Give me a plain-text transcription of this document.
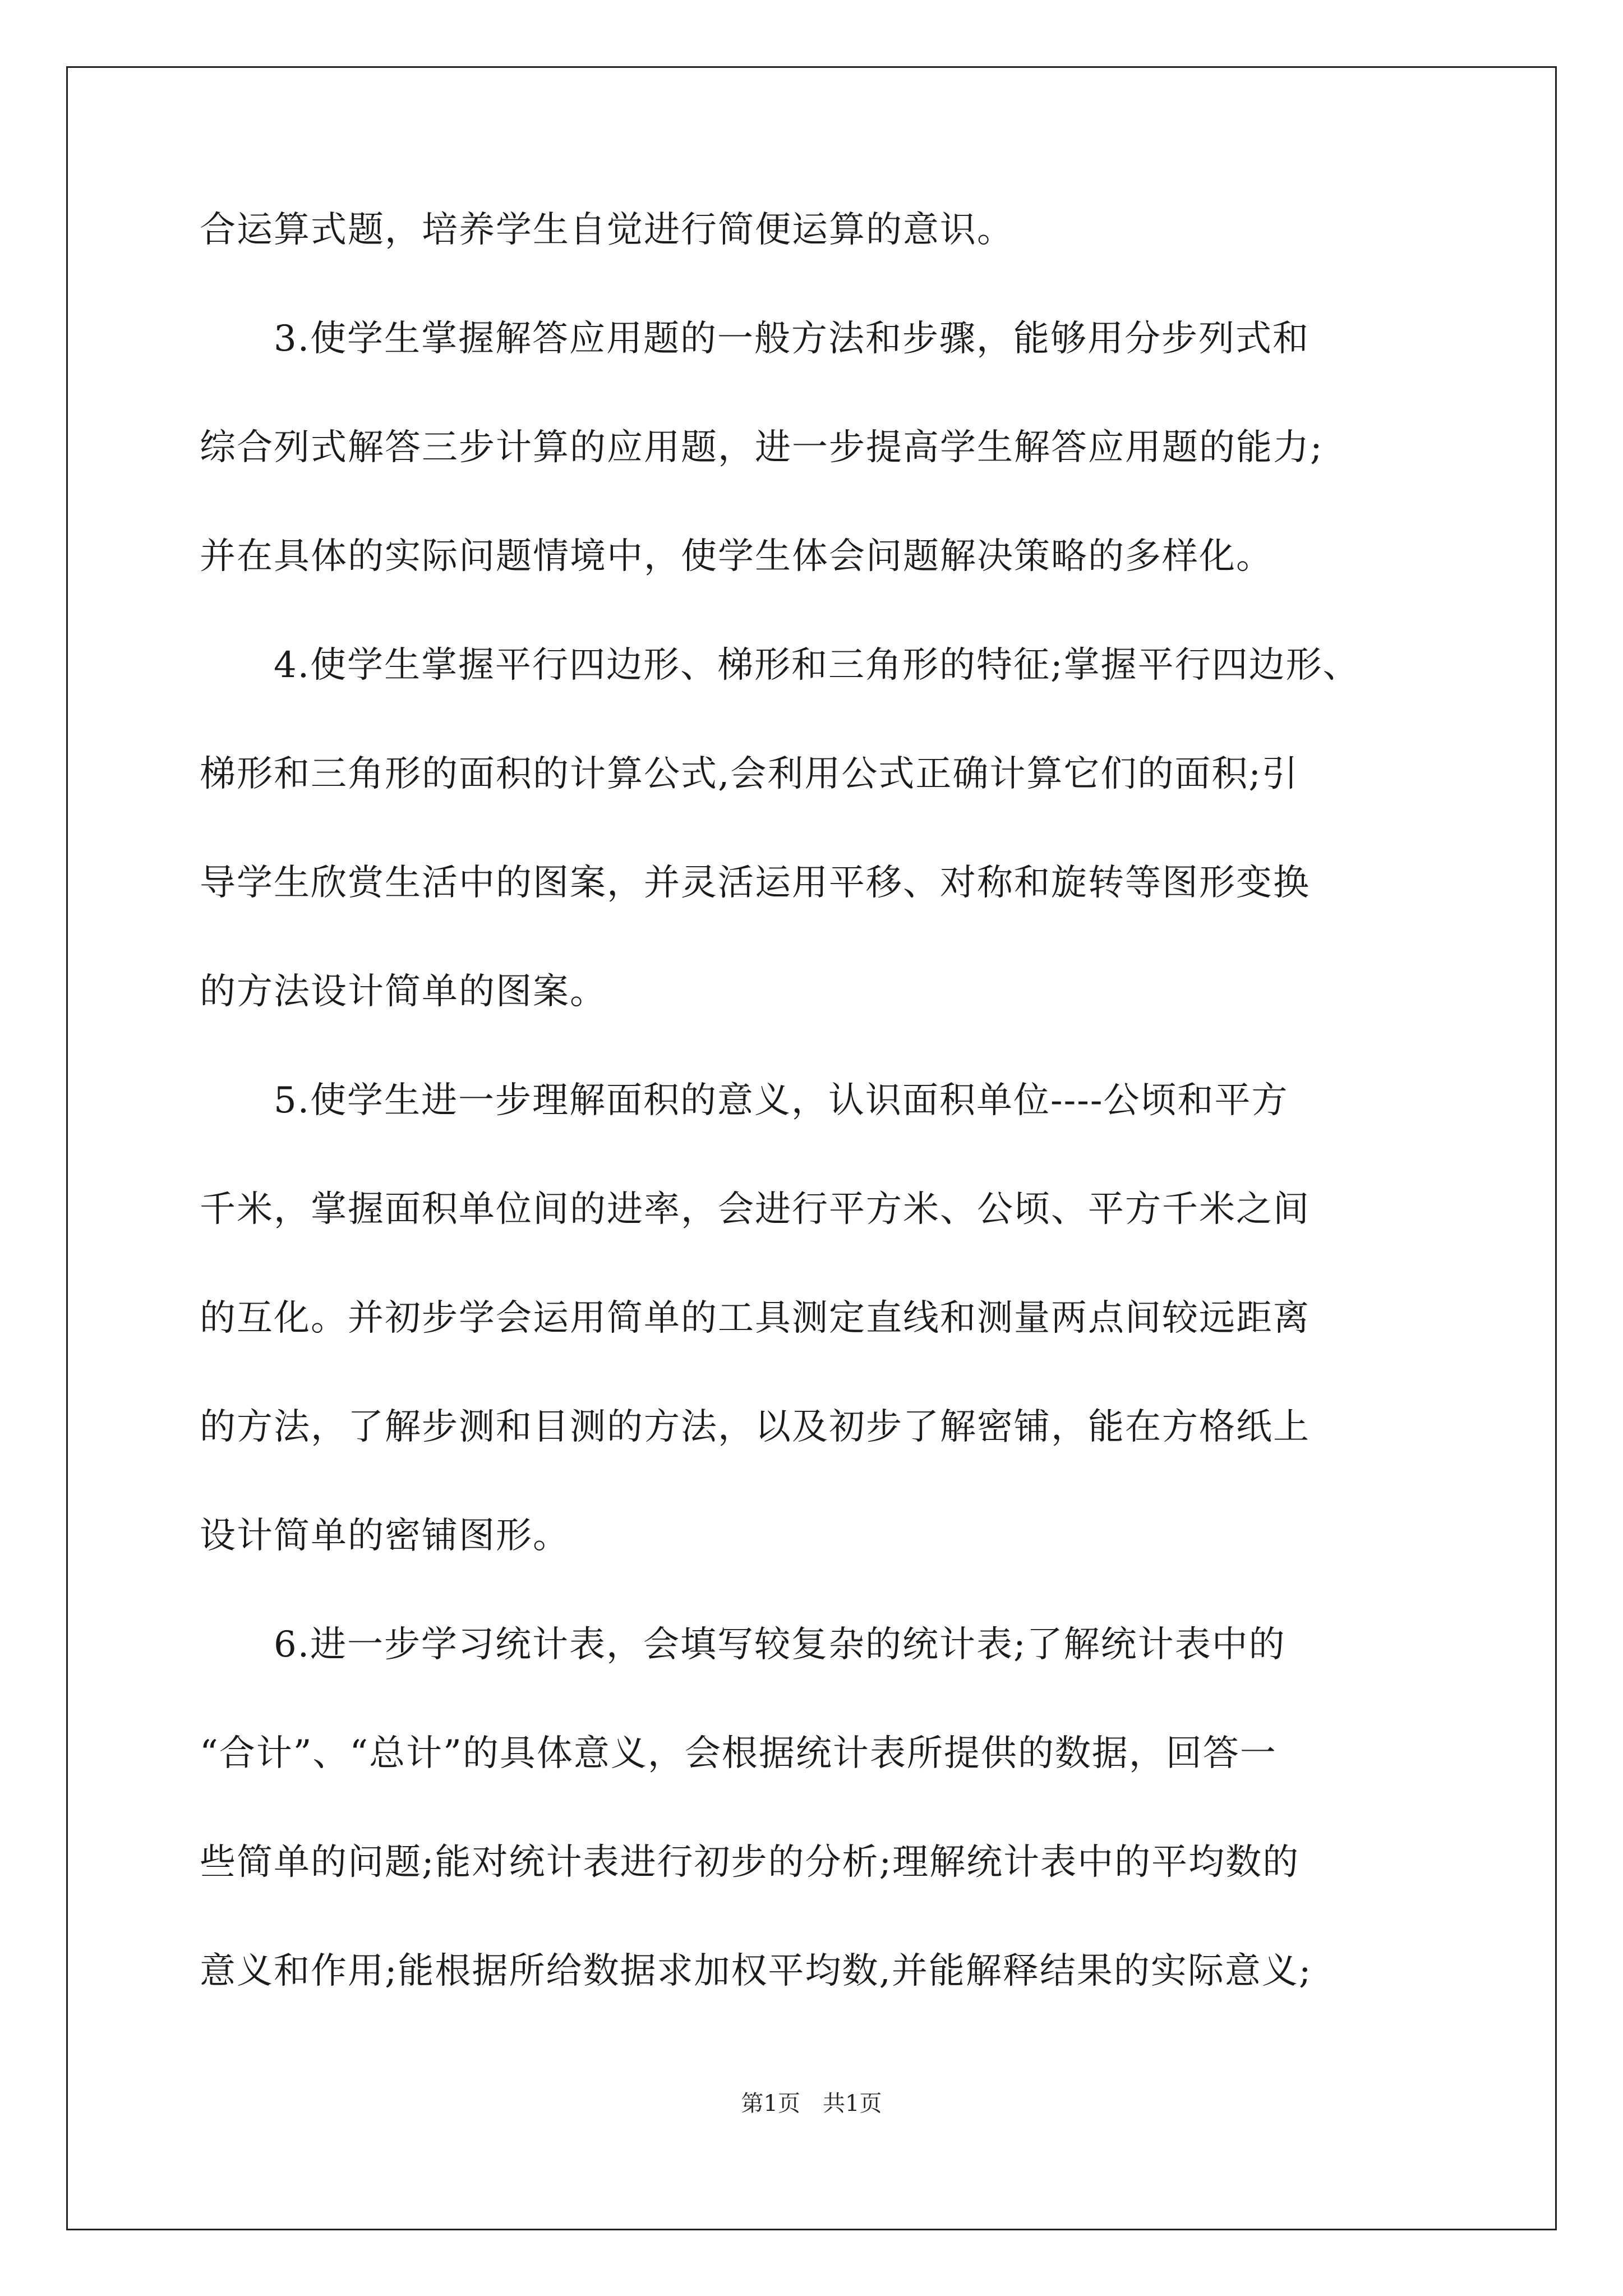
合运算式题，培养学生自觉进行简便运算的意识。
　　3.使学生掌握解答应用题的一般方法和步骤，能够用分步列式和
综合列式解答三步计算的应用题，进一步提高学生解答应用题的能力;
并在具体的实际问题情境中，使学生体会问题解决策略的多样化。
　　4.使学生掌握平行四边形、梯形和三角形的特征;掌握平行四边形、
梯形和三角形的面积的计算公式,会利用公式正确计算它们的面积;引
导学生欣赏生活中的图案，并灵活运用平移、对称和旋转等图形变换
的方法设计简单的图案。
　　5.使学生进一步理解面积的意义，认识面积单位----公顷和平方
千米，掌握面积单位间的进率，会进行平方米、公顷、平方千米之间
的互化。并初步学会运用简单的工具测定直线和测量两点间较远距离
的方法，了解步测和目测的方法，以及初步了解密铺，能在方格纸上
设计简单的密铺图形。
　　6.进一步学习统计表，会填写较复杂的统计表;了解统计表中的
“合计”、“总计”的具体意义，会根据统计表所提供的数据，回答一
些简单的问题;能对统计表进行初步的分析;理解统计表中的平均数的
意义和作用;能根据所给数据求加权平均数,并能解释结果的实际意义;
第1页　共1页
